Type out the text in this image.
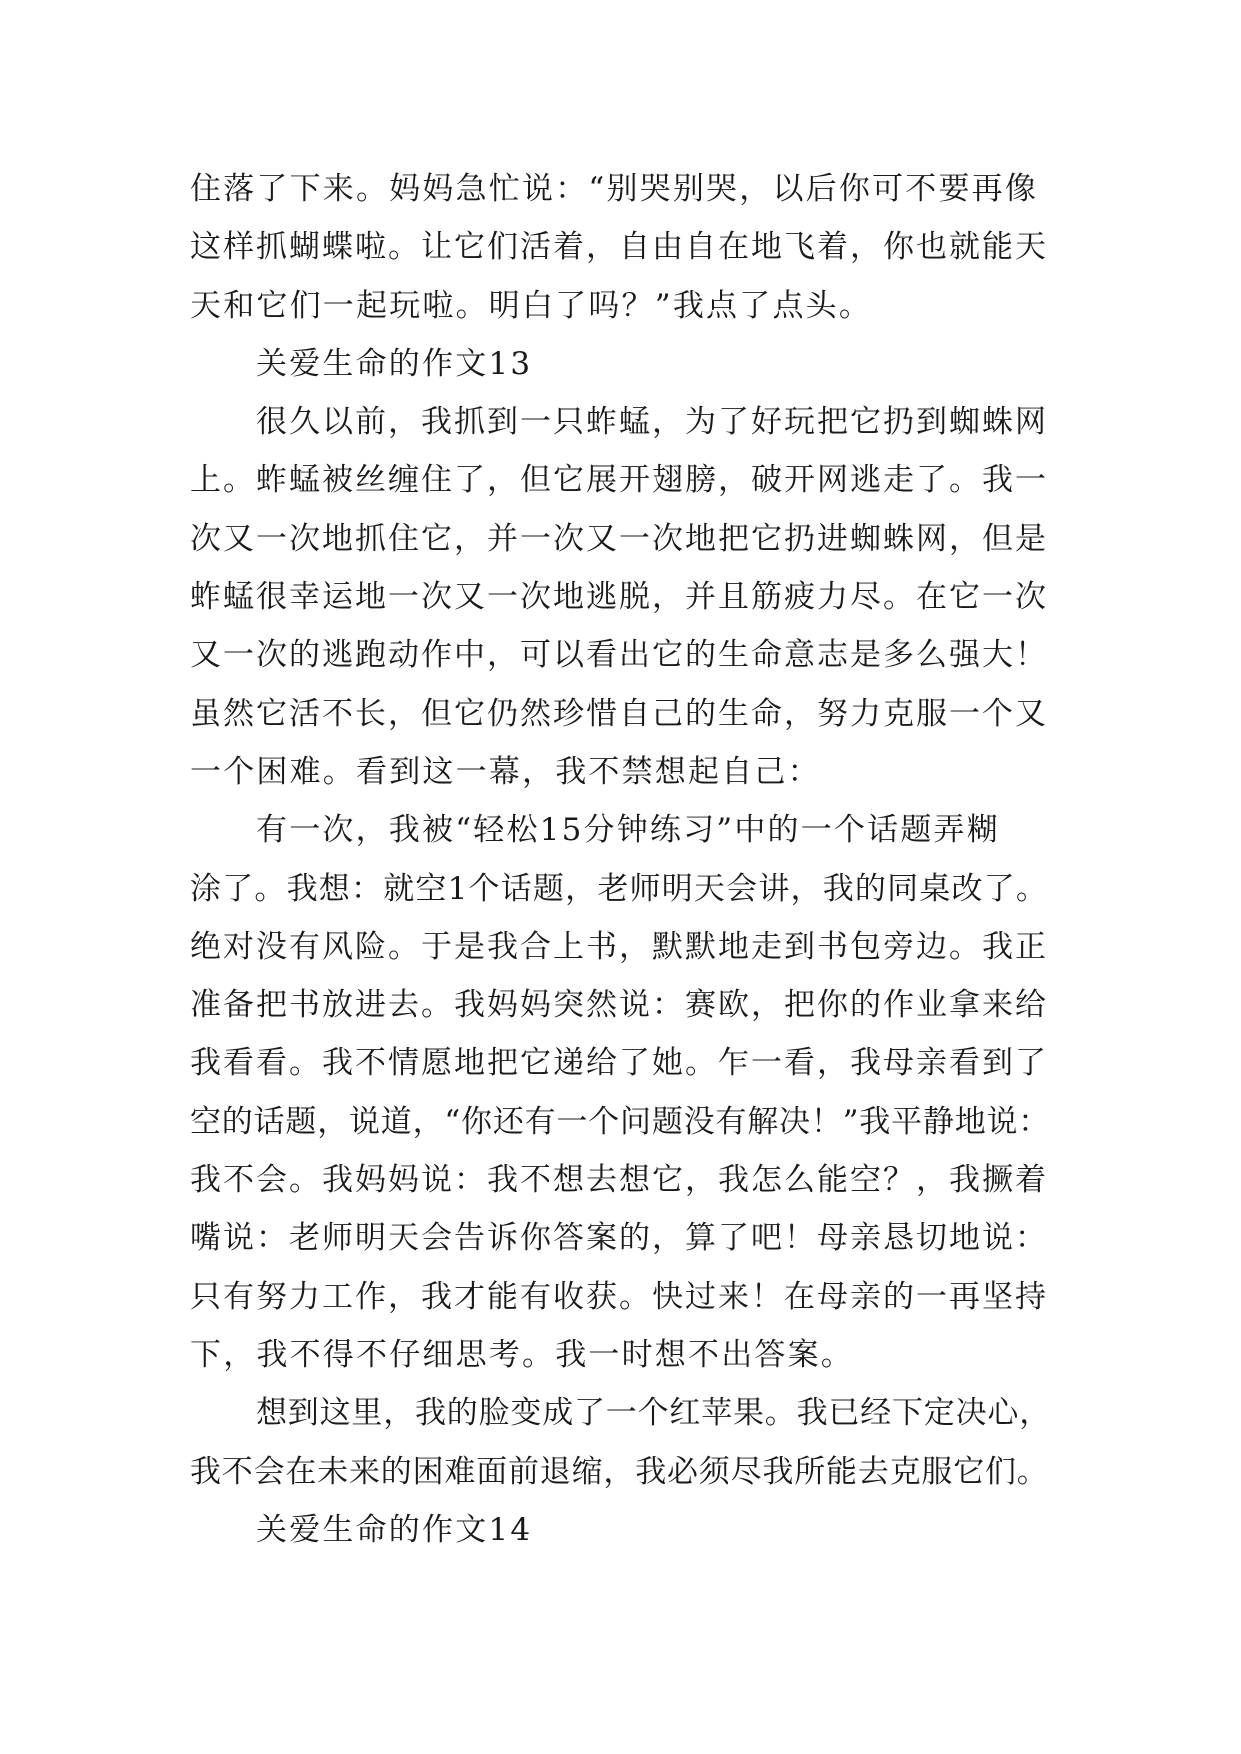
住落了下来。妈妈急忙说：“别哭别哭，以后你可不要再像
这样抓蝴蝶啦。让它们活着，自由自在地飞着，你也就能天
天和它们一起玩啦。明白了吗？”我点了点头。
关爱生命的作文13
很久以前，我抓到一只蚱蜢，为了好玩把它扔到蜘蛛网
上。蚱蜢被丝缠住了，但它展开翅膀，破开网逃走了。我一
次又一次地抓住它，并一次又一次地把它扔进蜘蛛网，但是
蚱蜢很幸运地一次又一次地逃脱，并且筋疲力尽。在它一次
又一次的逃跑动作中，可以看出它的生命意志是多么强大！
虽然它活不长，但它仍然珍惜自己的生命，努力克服一个又
一个困难。看到这一幕，我不禁想起自己：
有一次，我被“轻松15分钟练习”中的一个话题弄糊
涂了。我想：就空1个话题，老师明天会讲，我的同桌改了。
绝对没有风险。于是我合上书，默默地走到书包旁边。我正
准备把书放进去。我妈妈突然说：赛欧，把你的作业拿来给
我看看。我不情愿地把它递给了她。乍一看，我母亲看到了
空的话题，说道，“你还有一个问题没有解决！”我平静地说：
我不会。我妈妈说：我不想去想它，我怎么能空？，我撅着
嘴说：老师明天会告诉你答案的，算了吧！母亲恳切地说：
只有努力工作，我才能有收获。快过来！在母亲的一再坚持
下，我不得不仔细思考。我一时想不出答案。
想到这里，我的脸变成了一个红苹果。我已经下定决心，
我不会在未来的困难面前退缩，我必须尽我所能去克服它们。
关爱生命的作文14
